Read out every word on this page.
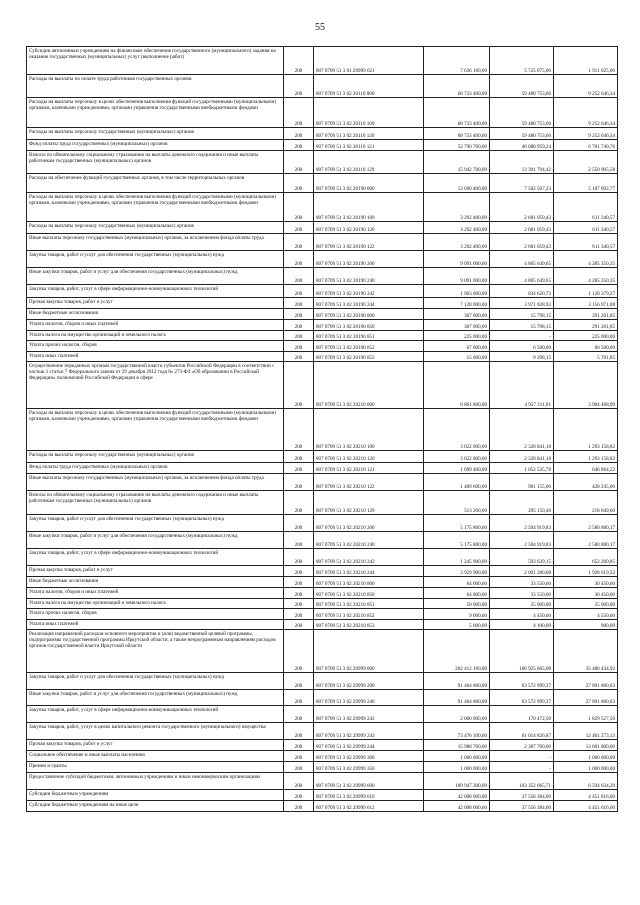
55
Субсидии автономным учреждениям на финансовое обеспечение государственного (муниципального) задания на оказание государственных (муниципальных) услуг (выполнение работ)	200	807 0709 51 3 01 29999 621	7 636 100,00	5 725 075,00	1 911 025,00
Расходы на выплаты по оплате труда работников государственных органов	200	807 0709 51 3 02 20110 000	68 733 400,00	59 480 753,66	9 252 646,34
Расходы на выплаты персоналу в целях обеспечения выполнения функций государственными (муниципальными) органами, казенными учреждениями, органами управления государственными внебюджетными фондами	200	807 0709 51 3 02 20110 100	68 733 400,00	59 480 753,66	9 252 646,34
Расходы на выплаты персоналу государственных (муниципальных) органов	200	807 0709 51 3 02 20110 120	68 733 400,00	59 480 753,66	9 252 646,34
Фонд оплаты труда государственных (муниципальных) органов	200	807 0709 51 3 02 20110 121	52 790 700,00	46 088 959,24	6 701 740,76
Взносы по обязательному социальному страхованию на выплаты денежного содержания и иные выплаты работникам государственных (муниципальных) органов	200	807 0709 51 3 02 20110 129	15 942 700,00	13 391 794,42	2 550 905,58
Расходы на обеспечение функций государственных органов, в том числе территориальных органов	200	807 0709 51 3 02 20190 000	12 690 400,00	7 502 507,23	5 187 892,77
Расходы на выплаты персоналу в целях обеспечения выполнения функций государственными (муниципальными) органами, казенными учреждениями, органами управления государственными внебюджетными фондами	200	807 0709 51 3 02 20190 100	3 292 400,00	2 681 059,43	611 340,57
Расходы на выплаты персоналу государственных (муниципальных) органов	200	807 0709 51 3 02 20190 120	3 292 400,00	2 681 059,43	611 340,57
Иные выплаты персоналу государственных (муниципальных) органов, за исключением фонда оплаты труда	200	807 0709 51 3 02 20190 122	3 292 400,00	2 681 059,43	611 340,57
Закупка товаров, работ и услуг для обеспечения государственных (муниципальных) нужд	200	807 0709 51 3 02 20190 200	9 091 000,00	4 805 649,65	4 285 350,35
Иные закупки товаров, работ и услуг для обеспечения государственных (муниципальных) нужд	200	807 0709 51 3 02 20190 240	9 091 000,00	4 805 649,65	4 285 350,35
Закупка товаров, работ, услуг в сфере информационно-коммуникационных технологий	200	807 0709 51 3 02 20190 242	1 963 000,00	834 620,73	1 128 379,27
Прочая закупка товаров, работ и услуг	200	807 0709 51 3 02 20190 244	7 128 000,00	3 971 028,92	3 156 971,08
Иные бюджетные ассигнования	200	807 0709 51 3 02 20190 800	307 000,00	15 798,15	291 201,85
Уплата налогов, сборов и иных платежей	200	807 0709 51 3 02 20190 850	307 000,00	15 798,15	291 201,85
Уплата налога на имущество организаций и земельного налога	200	807 0709 51 3 02 20190 851	225 000,00	-	225 000,00
Уплата прочих налогов, сборов	200	807 0709 51 3 02 20190 852	67 000,00	6 500,00	60 500,00
Уплата иных платежей	200	807 0709 51 3 02 20190 853	15 000,00	9 298,15	5 701,85
Осуществление переданных органам государственной власти субъектов Российской Федерации в соответствии с частью 1 статьи 7 Федерального закона от 29 декабря 2012 года № 273-ФЗ «Об образовании в Российской Федерации» полномочий Российской Федерации в сфере	200	807 0709 51 3 02 20210 000	8 861 800,00	4 957 311,01	3 904 488,99
Расходы на выплаты персоналу в целях обеспечения выполнения функций государственными (муниципальными) органами, казенными учреждениями, органами управления государственными внебюджетными фондами	200	807 0709 51 3 02 20210 100	3 622 000,00	2 328 841,18	1 293 158,82
Расходы на выплаты персоналу государственных (муниципальных) органов	200	807 0709 51 3 02 20210 120	3 622 000,00	2 328 841,18	1 293 158,82
Фонд оплаты труда государственных (муниципальных) органов	200	807 0709 51 3 02 20210 121	1 699 400,00	1 052 535,78	646 864,22
Иные выплаты персоналу государственных (муниципальных) органов, за исключением фонда оплаты труда	200	807 0709 51 3 02 20210 122	1 409 600,00	981 155,00	428 245,00
Взносы по обязательному социальному страхованию на выплаты денежного содержания и иные выплаты работникам государственных (муниципальных) органов	200	807 0709 51 3 02 20210 129	513 200,00	295 150,40	218 049,60
Закупка товаров, работ и услуг для обеспечения государственных (муниципальных) нужд	200	807 0709 51 3 02 20210 200	5 175 800,00	2 594 919,83	2 580 880,17
Иные закупки товаров, работ и услуг для обеспечения государственных (муниципальных) нужд	200	807 0709 51 3 02 20210 240	5 175 800,00	2 594 919,83	2 580 880,17
Закупка товаров, работ, услуг в сфере информационно-коммуникационных технологий	200	807 0709 51 3 02 20210 242	1 245 900,00	593 639,15	652 260,85
Прочая закупка товаров, работ и услуг	200	807 0709 51 3 02 20210 244	3 929 900,00	2 001 280,68	1 928 619,32
Иные бюджетные ассигнования	200	807 0709 51 3 02 20210 800	64 000,00	33 550,00	30 450,00
Уплата налогов, сборов и иных платежей	200	807 0709 51 3 02 20210 850	64 000,00	33 550,00	30 450,00
Уплата налога на имущество организаций и земельного налога	200	807 0709 51 3 02 20210 851	50 000,00	25 000,00	25 000,00
Уплата прочих налогов, сборов	200	807 0709 51 3 02 20210 852	9 000,00	4 450,00	4 550,00
Уплата иных платежей	200	807 0709 51 3 02 20210 853	5 000,00	4 100,00	900,00
Реализация направлений расходов основного мероприятия и (или) ведомственной целевой программы, подпрограммы государственной программы Иркутской области, а также непрограммным направлениям расходов органов государственной власти Иркутской области	200	807 0709 51 3 02 29999 000	202 412 100,00	166 925 665,08	35 486 434,92
Закупка товаров, работ и услуг для обеспечения государственных (муниципальных) нужд	200	807 0709 51 3 02 29999 200	91 464 800,00	63 572 999,37	27 891 800,63
Иные закупки товаров, работ и услуг для обеспечения государственных (муниципальных) нужд	200	807 0709 51 3 02 29999 240	91 464 800,00	63 572 999,37	27 891 800,63
Закупка товаров, работ, услуг в сфере информационно-коммуникационных технологий	200	807 0709 51 3 02 29999 242	2 000 000,00	170 472,50	1 829 527,50
Закупка товаров, работ, услуг в целях капитального ремонта государственного (муниципального) имущества	200	807 0709 51 3 02 29999 243	73 476 100,00	61 014 826,87	12 461 273,13
Прочая закупка товаров, работ и услуг	200	807 0709 51 3 02 29999 244	15 988 700,00	2 387 700,00	13 601 000,00
Социальное обеспечение и иные выплаты населению	200	807 0709 51 3 02 29999 300	1 000 000,00	-	1 000 000,00
Премии и гранты	200	807 0709 51 3 02 29999 350	1 000 000,00	-	1 000 000,00
Предоставление субсидий бюджетным, автономным учреждениям и иным некоммерческим организациям	200	807 0709 51 3 02 29999 600	109 947 300,00	103 352 665,71	6 594 634,29
Субсидии бюджетным учреждениям	200	807 0709 51 3 02 29999 610	42 008 000,00	37 556 384,00	4 451 616,00
Субсидии бюджетным учреждениям на иные цели	200	807 0709 51 3 02 29999 612	42 008 000,00	37 556 384,00	4 451 616,00
